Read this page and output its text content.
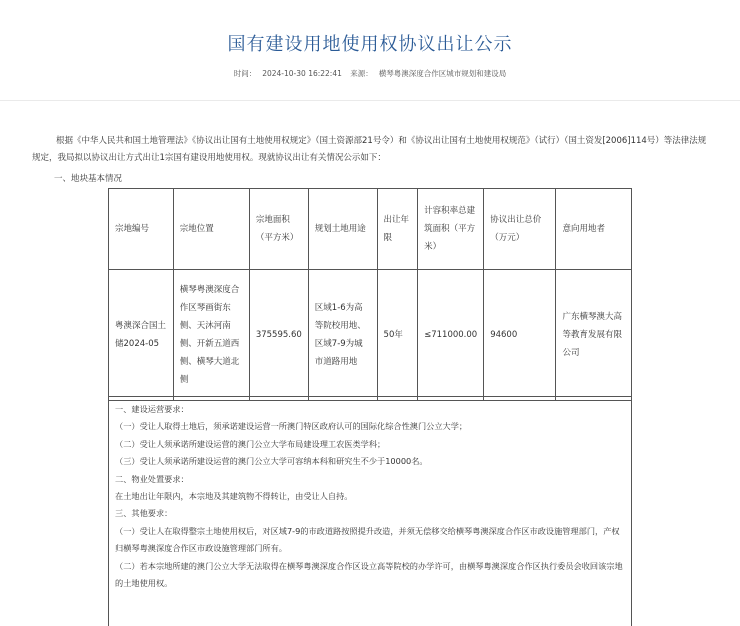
国有建设用地使用权协议出让公示
时间： 2024-10-30 16:22:41 来源： 横琴粤澳深度合作区城市规划和建设局
根据《中华人民共和国土地管理法》《协议出让国有土地使用权规定》（国土资源部21号令）和《协议出让国有土地使用权规范》（试行）（国土资发[2006]114号）等法律法规规定，我局拟以协议出让方式出让1宗国有建设用地使用权。现就协议出让有关情况公示如下：
一、地块基本情况
宗地编号	宗地位置	宗地面积（平方米）	规划土地用途	出让年限	计容积率总建筑面积（平方米）	协议出让总价（万元）	意向用地者
粤澳深合国土储2024-05	横琴粤澳深度合作区琴画街东侧、天沐河南侧、开新五道西侧、横琴大道北侧	375595.60	区域1-6为高等院校用地、区域7-9为城市道路用地	50年	≤711000.00	94600	广东横琴澳大高等教育发展有限公司
一、建设运营要求：
（一）受让人取得土地后，须承诺建设运营一所澳门特区政府认可的国际化综合性澳门公立大学；
（二）受让人须承诺所建设运营的澳门公立大学布局建设理工农医类学科；
（三）受让人须承诺所建设运营的澳门公立大学可容纳本科和研究生不少于10000名。
二、物业处置要求：
在土地出让年限内，本宗地及其建筑物不得转让，由受让人自持。
三、其他要求：
（一）受让人在取得整宗土地使用权后，对区域7-9的市政道路按照提升改造，并须无偿移交给横琴粤澳深度合作区市政设施管理部门，产权归横琴粤澳深度合作区市政设施管理部门所有。
（二）若本宗地所建的澳门公立大学无法取得在横琴粤澳深度合作区设立高等院校的办学许可，由横琴粤澳深度合作区执行委员会收回该宗地的土地使用权。
